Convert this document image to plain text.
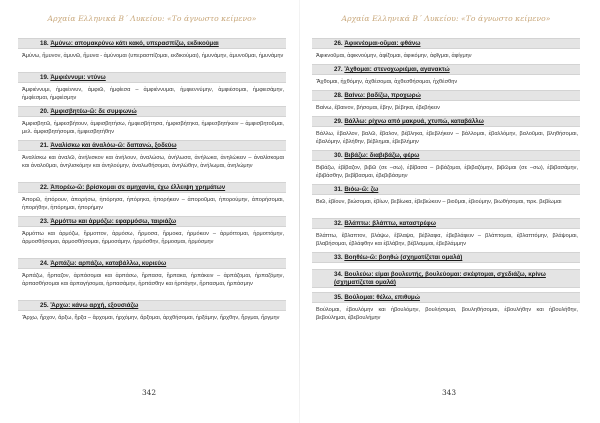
Αρχαία Ελληνικά Β΄ Λυκείου: «Το άγνωστο κείμενο»
18. Ἀμύνω: απομακρύνω κάτι κακό, υπερασπίζω, εκδικούμαι
Ἀμύνω, ἤμυνον, ἀμυνῶ, ἤμυνα - ἀμύνομαι (υπερασπίζομαι, εκδικούμαι), ἠμυνάμην, ἀμυνοῦμαι, ἠμυνάμην
19. Ἀμφιέννυμι: ντύνω
Ἀμφιέννυμι, ἠμφιέννυν, ἀμφιῶ, ἠμφίεσα – ἀμφιέννυμαι, ἠμφιεννύμην, ἀμφιέσομαι, ἠμφιεσάμην, ἠμφίεσμαι, ἠμφιέσμην
20. Ἀμφισβητέω-ῶ: δε συμφωνώ
Ἀμφισβητῶ, ἠμφεσβήτουν, ἀμφισβητήσω, ἠμφεσβήτησα, ἠμφισβήτηκα, ἠμφεσβητήκειν – ἀμφισβητοῦμαι, μελ. ἀμφισβητήσομαι, ἠμφεσβητήθην
21. Ἀναλίσκω και ἀναλόω-ῶ: δαπανώ, ξοδεύω
Ἀναλίσκω και ἀναλῶ, ἀνήλισκον και ἀνήλουν, ἀναλώσω, ἀνήλωσα, ἀνήλωκα, ἀνηλώκειν – ἀναλίσκομαι και ἀναλοῦμαι, ἀνηλισκόμην και ἀνηλούμην, ἀναλωθήσομαι, ἀνηλώθην, ἀνήλωμαι, ἀνηλώμην
22. Ἀπορέω-ῶ: βρίσκομαι σε αμηχανία, έχω έλλειψη χρημάτων
Ἀπορῶ, ἠπόρουν, ἀπορήσω, ἠπόρησα, ἠπόρηκα, ἠπορήκειν – ἀποροῦμαι, ἠπορούμην, ἀπορήσομαι, ἠπορήθην, ἠπόρημαι, ἠπορήμην
23. Ἁρμόττω και ἁρμόζω: εφαρμόσω, ταιριάζω
Ἁρμόττω και ἁρμόζω, ἥρμοττον, ἁρμόσω, ἥρμοσα, ἥρμοκα, ἡρμόκειν – ἁρμόττομαι, ἡρμοττόμην, ἁρμοσθήσομαι, ἁρμοσθήσομαι, ἡρμοσάμην, ἡρμόσθην, ἥρμοσμαι, ἡρμόσμην
24. Ἁρπάζω: αρπάζω, καταβάλλω, κυριεύω
Ἁρπάζω, ἥρπαζον, ἁρπάσομαι και ἁρπάσω, ἥρπασα, ἥρπακα, ἡρπάκειν – ἁρπάζομαι, ἡρπαζόμην, ἁρπασθήσομαι και ἁρπαγήσομαι, ἡρπασάμην, ἡρπάσθην και ἡρπάγην, ἥρπασμαι, ἡρπάσμην
25. Ἄρχω: κάνω αρχή, εξουσιάζω
Ἄρχω, ἦρχον, ἄρξω, ἦρξα – ἄρχομαι, ἠρχόμην, ἄρξομαι, ἀρχθήσομαι, ἠρξάμην, ἤρχθην, ἦργμαι, ἤργμην
342
Αρχαία Ελληνικά Β΄ Λυκείου: «Το άγνωστο κείμενο»
26. Ἀφικνέομαι-οῦμαι: φθάνω
Ἀφικνοῦμαι, ἀφικνούμην, ἀφίξομαι, ἀφικόμην, ἀφῖγμαι, ἀφίγμην
27. Ἄχθομαι: στενοχωριέμαι, αγανακτώ
Ἄχθομαι, ἠχθόμην, ἀχθέσομαι, ἀχθεσθήσομαι, ἠχθέσθην
28. Βαίνω: βαδίζω, προχωρώ
Βαίνω, ἔβαινον, βήσομαι, ἔβην, βέβηκα, ἐβεβήκειν
29. Βάλλω: ρίχνω από μακρυά, χτυπώ, καταβάλλω
Βάλλω, ἔβαλλον, βαλῶ, ἔβαλον, βέβληκα, ἐβεβλήκειν – βάλλομαι, ἐβαλλόμην, βαλοῦμαι, βληθήσομαι, ἐβαλόμην, ἐβλήθην, βέβλημαι, ἐβεβλήμην
30. Βιβάζω: διαβιβάζω, φέρω
Βιβάζω, ἐβίβαζον, βιβῶ (σε –σω), ἐβίβασα – βιβάζομαι, ἐβιβαζόμην, βιβῶμαι (σε –σω), ἐβιβασάμην, ἐβιβάσθην, βεβίβασμαι, ἐβεβιβάσμην
31. Βιόω-ῶ: ζω
Βιῶ, ἐβίουν, βιώσομαι, ἐβίων, βεβίωκα, ἐβεβιώκειν – βιοῦμαι, ἐβιούμην, βιωθήσομαι, πρκ. βεβίωμαι
32. Βλάπτω: βλάπτω, καταστρέφω
Βλάπτω, ἔβλαπτον, βλάψω, ἔβλαψα, βέβλαφα, ἐβεβλάφειν – βλάπτομαι, ἐβλαπτόμην, βλάψομαι, βλαβήσομαι, ἐβλάφθην και ἐβλάβην, βέβλαμμαι, ἐβεβλάμμην
33. Βοηθέω-ῶ: βοηθώ (σχηματίζεται ομαλά)
34. Βουλεύω: είμαι βουλευτής, βουλεύομαι: σκέφτομαι, σχεδιάζω, κρίνω (σχηματίζεται ομαλά)
35. Βούλομαι: θέλω, επιθυμώ
Βούλομαι, ἐβουλόμην και ἠβουλόμην, βουλήσομαι, βουληθήσομαι, ἐβουλήθην και ἠβουλήθην, βεβούλημαι, ἐβεβουλήμην
343
